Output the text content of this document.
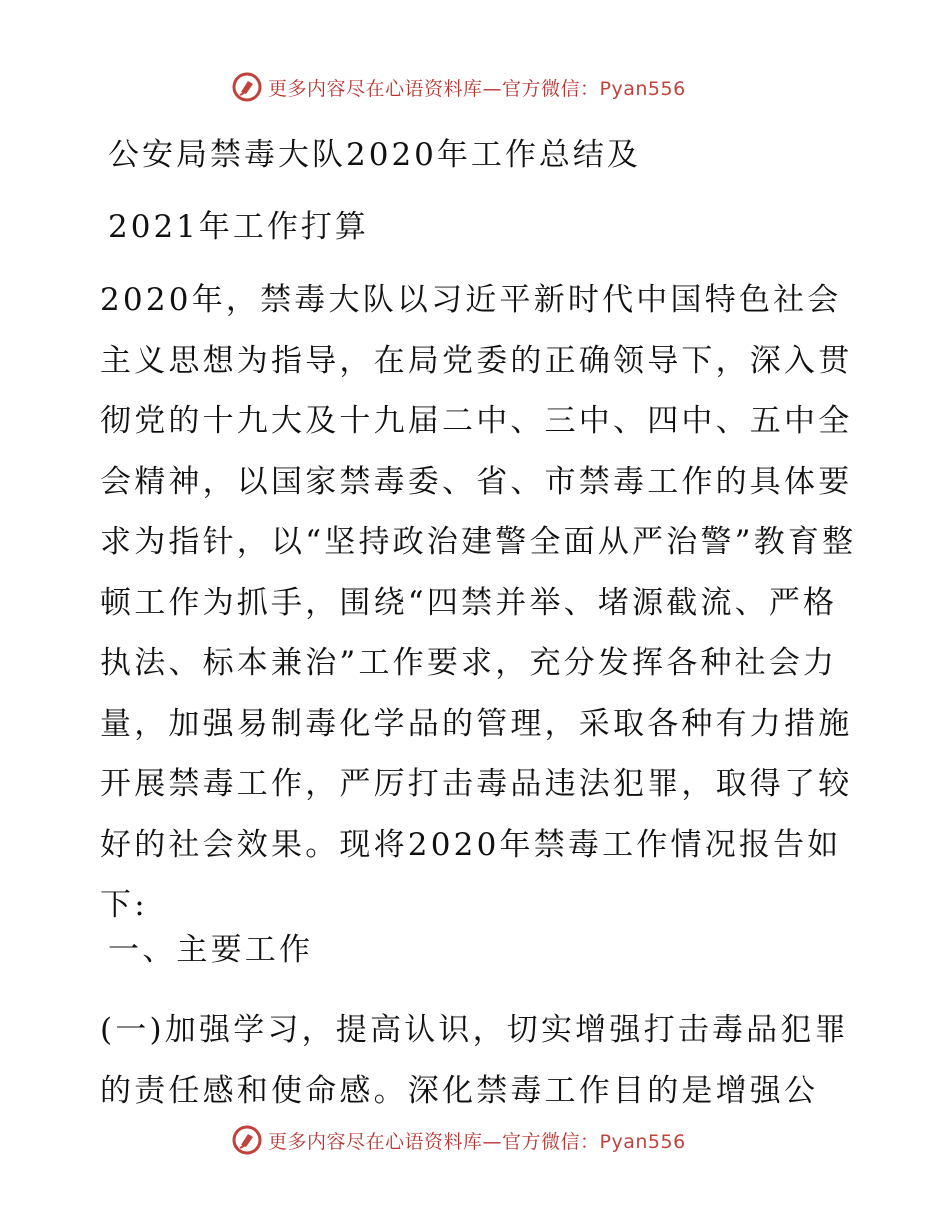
更多内容尽在心语资料库—官方微信：Pyan556
公安局禁毒大队2020年工作总结及
2021年工作打算

2020年，禁毒大队以习近平新时代中国特色社会主义思想为指导，在局党委的正确领导下，深入贯彻党的十九大及十九届二中、三中、四中、五中全会精神，以国家禁毒委、省、市禁毒工作的具体要求为指针，以“坚持政治建警全面从严治警”教育整顿工作为抓手，围绕“四禁并举、堵源截流、严格执法、标本兼治”工作要求，充分发挥各种社会力量，加强易制毒化学品的管理，采取各种有力措施开展禁毒工作，严厉打击毒品违法犯罪，取得了较好的社会效果。现将2020年禁毒工作情况报告如下:

一、主要工作

(一)加强学习，提高认识，切实增强打击毒品犯罪的责任感和使命感。深化禁毒工作目的是增强公

更多内容尽在心语资料库—官方微信：Pyan556
